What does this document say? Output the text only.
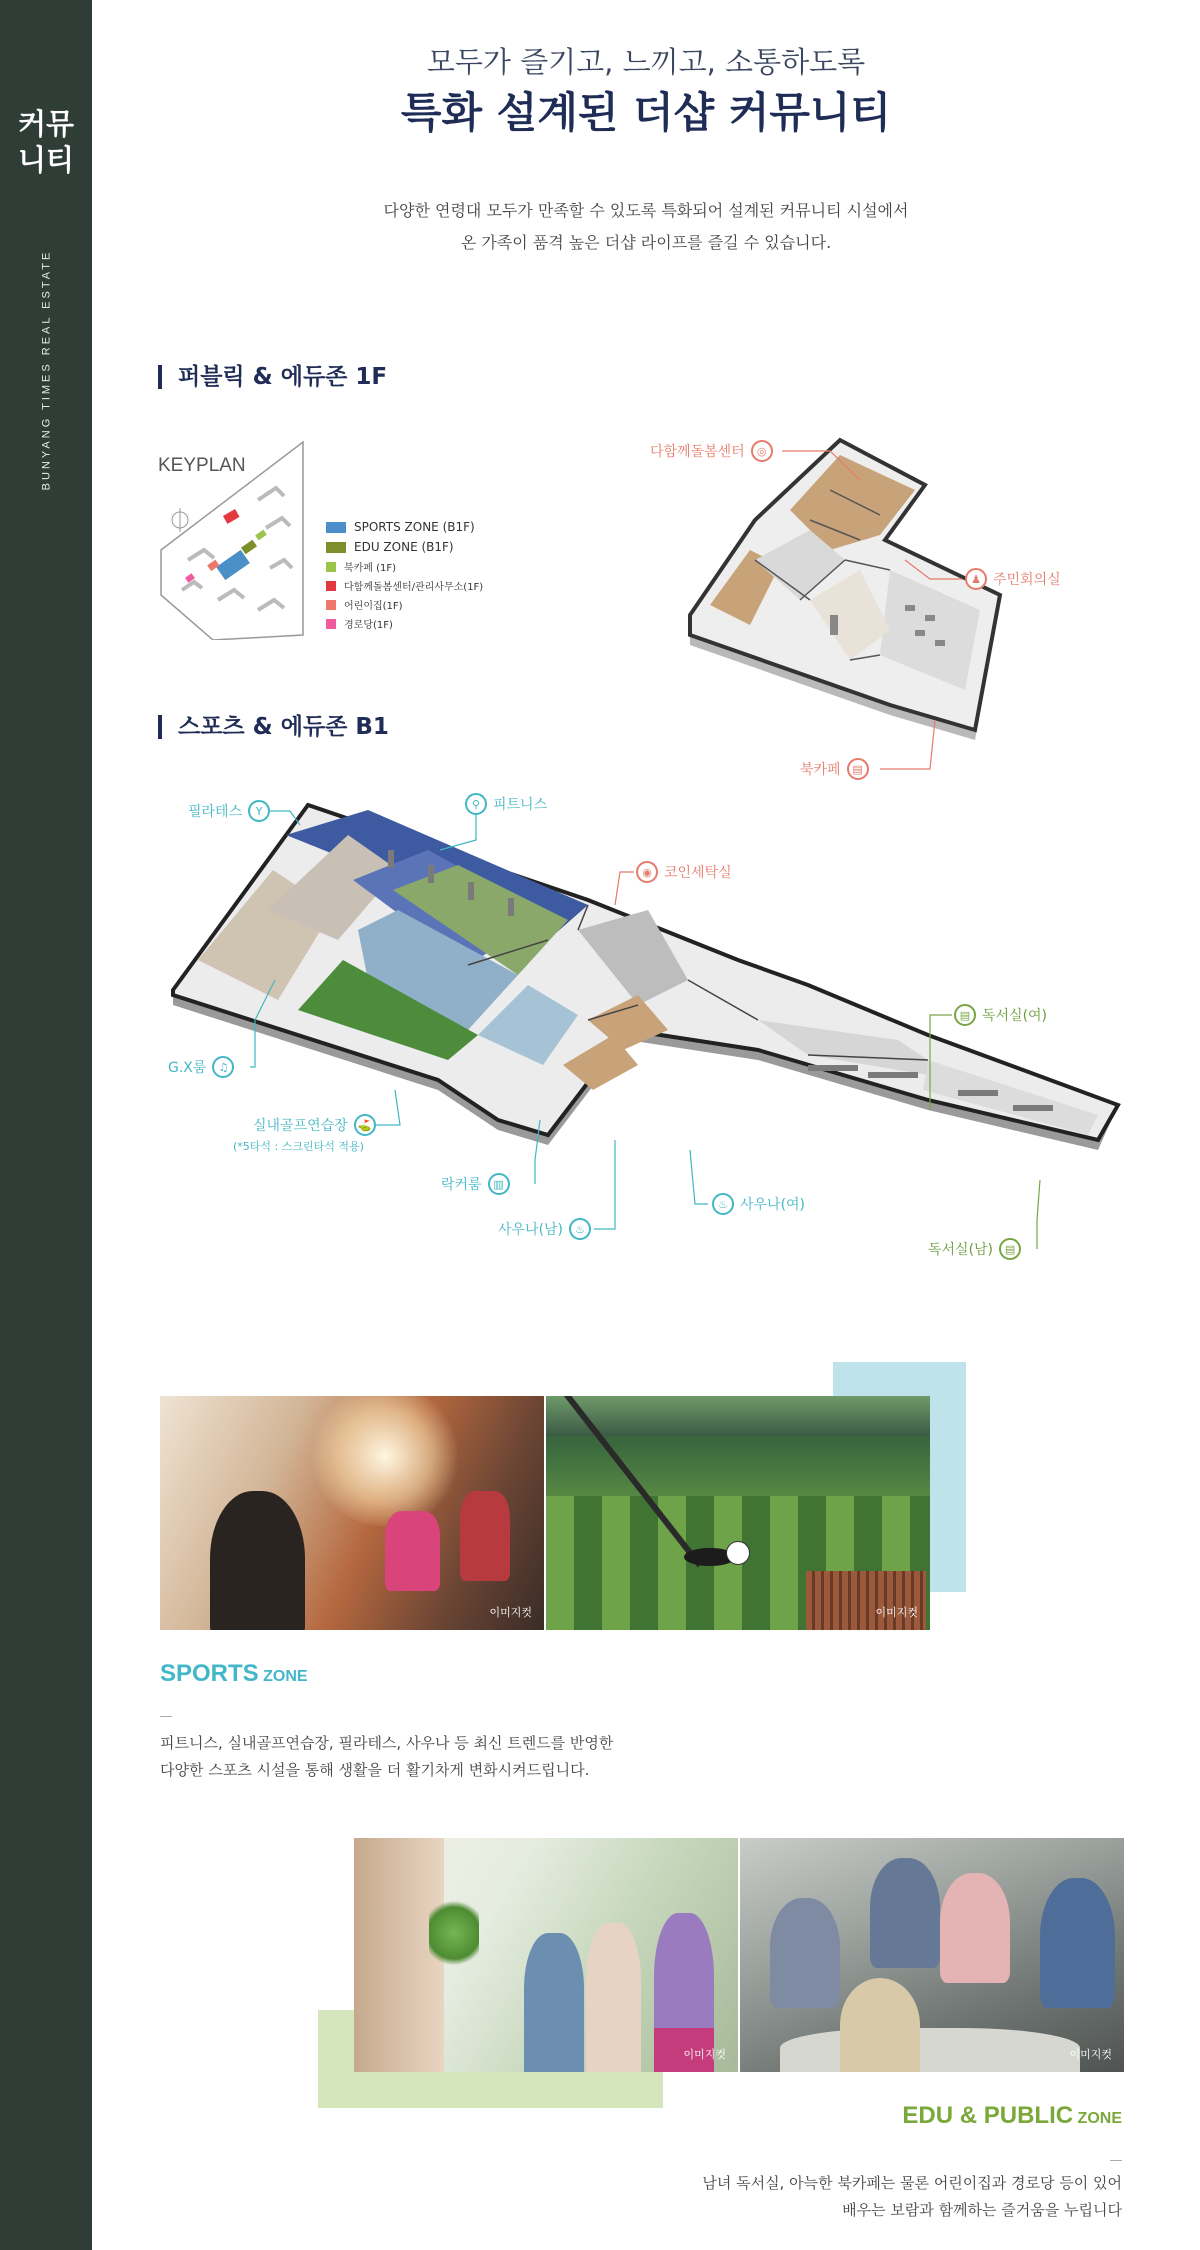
커뮤
니티
BUNYANG TIMES REAL ESTATE
모두가 즐기고, 느끼고, 소통하도록
특화 설계된 더샵 커뮤니티
다양한 연령대 모두가 만족할 수 있도록 특화되어 설계된 커뮤니티 시설에서
온 가족이 품격 높은 더샵 라이프를 즐길 수 있습니다.
퍼블릭 & 에듀존 1F
KEYPLAN
SPORTS ZONE (B1F)
EDU ZONE (B1F)
북카페 (1F)
다함께돌봄센터/관리사무소(1F)
어린이집(1F)
경로당(1F)
다함께돌봄센터	◎
♟ 주민회의실
북카페	▤
스포츠 & 에듀존 B1
필라테스	Y
⚲ 피트니스
◉ 코인세탁실
G.X룸	♫
실내골프연습장 ⛳
(*5타석 : 스크린타석 적용)
락커룸	▥
사우나(남)	♨
♨ 사우나(여)
▤ 독서실(여)
독서실(남)	▤
이미지컷	이미지컷
SPORTS ZONE
피트니스, 실내골프연습장, 필라테스, 사우나 등 최신 트렌드를 반영한
다양한 스포츠 시설을 통해 생활을 더 활기차게 변화시켜드립니다.
이미지컷	이미지컷
EDU & PUBLIC ZONE
남녀 독서실, 아늑한 북카페는 물론 어린이집과 경로당 등이 있어
배우는 보람과 함께하는 즐거움을 누립니다
